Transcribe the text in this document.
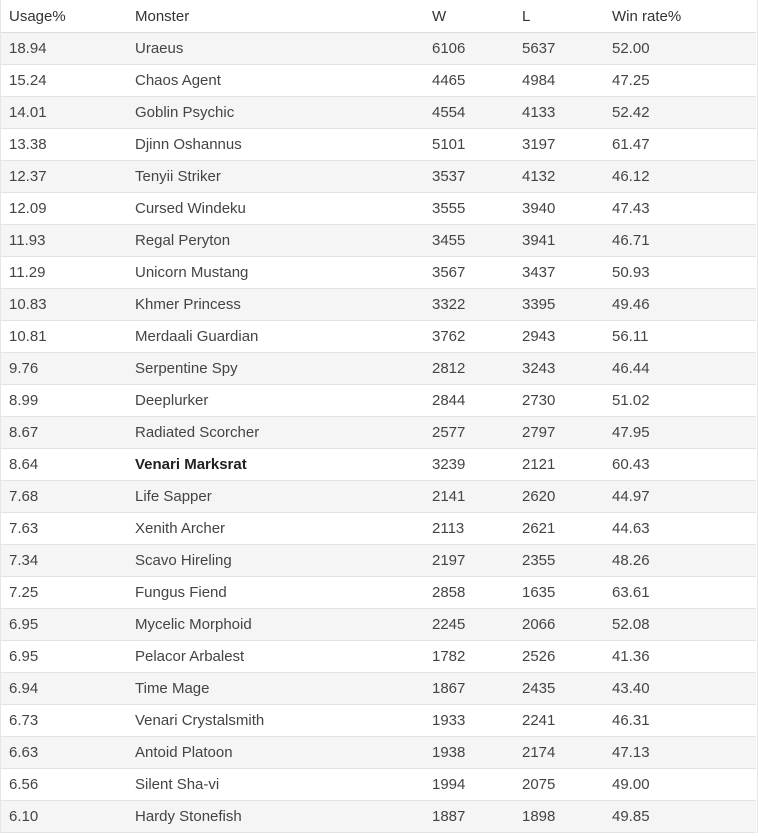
Usage%	Monster	W	L	Win rate%
18.94	Uraeus	6106	5637	52.00
15.24	Chaos Agent	4465	4984	47.25
14.01	Goblin Psychic	4554	4133	52.42
13.38	Djinn Oshannus	5101	3197	61.47
12.37	Tenyii Striker	3537	4132	46.12
12.09	Cursed Windeku	3555	3940	47.43
11.93	Regal Peryton	3455	3941	46.71
11.29	Unicorn Mustang	3567	3437	50.93
10.83	Khmer Princess	3322	3395	49.46
10.81	Merdaali Guardian	3762	2943	56.11
9.76	Serpentine Spy	2812	3243	46.44
8.99	Deeplurker	2844	2730	51.02
8.67	Radiated Scorcher	2577	2797	47.95
8.64	Venari Marksrat	3239	2121	60.43
7.68	Life Sapper	2141	2620	44.97
7.63	Xenith Archer	2113	2621	44.63
7.34	Scavo Hireling	2197	2355	48.26
7.25	Fungus Fiend	2858	1635	63.61
6.95	Mycelic Morphoid	2245	2066	52.08
6.95	Pelacor Arbalest	1782	2526	41.36
6.94	Time Mage	1867	2435	43.40
6.73	Venari Crystalsmith	1933	2241	46.31
6.63	Antoid Platoon	1938	2174	47.13
6.56	Silent Sha-vi	1994	2075	49.00
6.10	Hardy Stonefish	1887	1898	49.85
